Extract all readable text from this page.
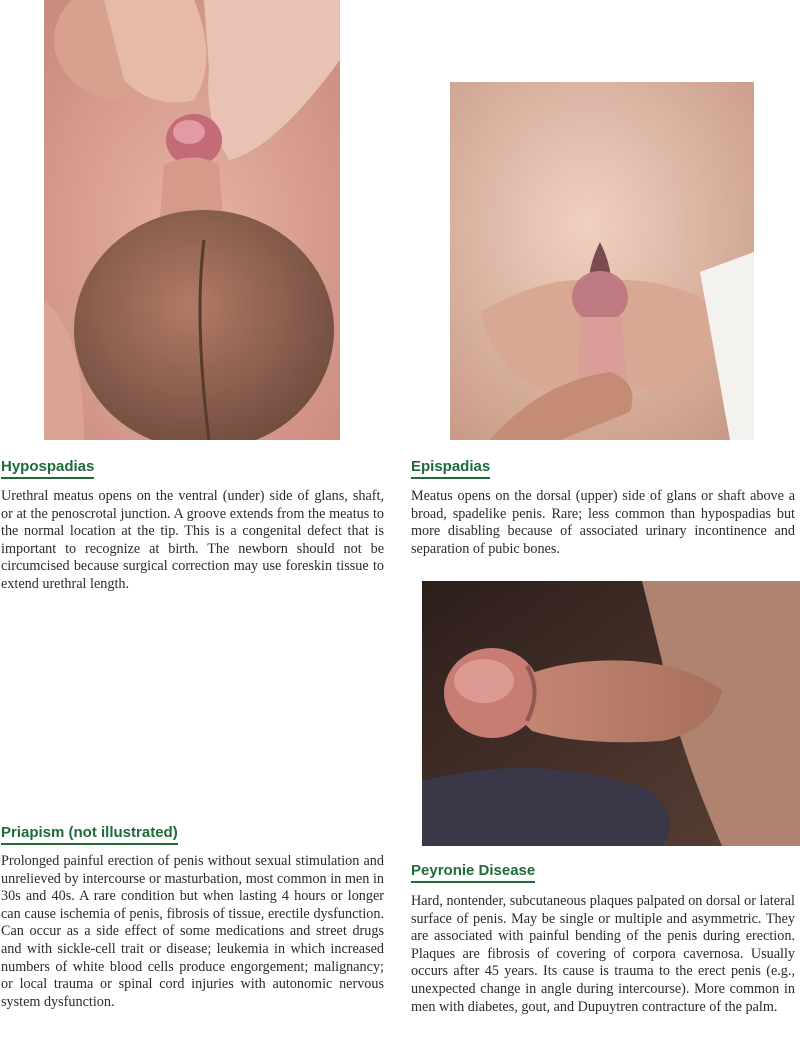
Hypospadias
Urethral meatus opens on the ventral (under) side of glans, shaft, or at the penoscrotal junction. A groove extends from the meatus to the normal location at the tip. This is a congenital defect that is important to recognize at birth. The newborn should not be circumcised because surgical correction may use foreskin tissue to extend urethral length.
Epispadias
Meatus opens on the dorsal (upper) side of glans or shaft above a broad, spadelike penis. Rare; less common than hypospadias but more disabling because of associated urinary incontinence and separation of pubic bones.
Priapism (not illustrated)
Prolonged painful erection of penis without sexual stimulation and unrelieved by intercourse or masturbation, most common in men in 30s and 40s. A rare condition but when lasting 4 hours or longer can cause ischemia of penis, fibrosis of tissue, erectile dysfunction. Can occur as a side effect of some medications and street drugs and with sickle-cell trait or disease; leukemia in which increased numbers of white blood cells produce engorgement; malignancy; or local trauma or spinal cord injuries with autonomic nervous system dysfunction.
Peyronie Disease
Hard, nontender, subcutaneous plaques palpated on dorsal or lateral surface of penis. May be single or multiple and asymmetric. They are associated with painful bending of the penis during erection. Plaques are fibrosis of covering of corpora cavernosa. Usually occurs after 45 years. Its cause is trauma to the erect penis (e.g., unexpected change in angle during intercourse). More common in men with diabetes, gout, and Dupuytren contracture of the palm.
